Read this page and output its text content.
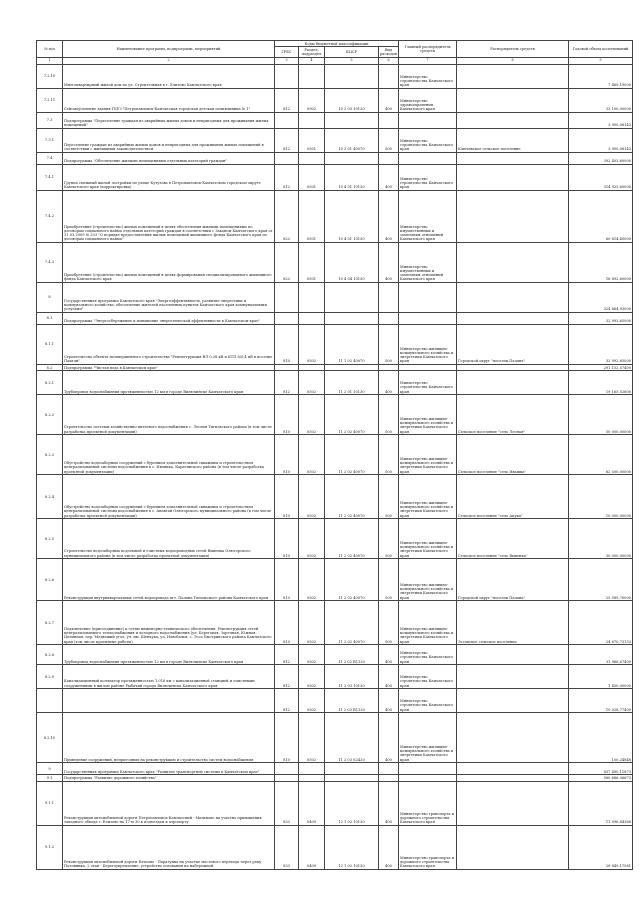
№ п/п	Наименование программ, подпрограмм, мероприятий	Коды бюджетной классификации				Главный распорядитель средств	Распорядитель средств	Годовой объем ассигнований
		ГРБС	Раздел, подраздел	КЦСР	Вид расходов			
1	2	3	4	5	6	7	8	9
7.2.10	Многоквартирный жилой дом по ул. Строительная в г. Елизово Камчатского края					Министерство строительства Камчатского края		7 469,19000
7.2.11	Сейсмоусиление здания ГБУЗ "Петропавловск-Камчатская городская детская поликлиника № 1"	812	0902	10 2 03 10120	400	Министерство здравоохранения Камчатского края		33 100,00000
7.3	Подпрограмма "Переселение граждан из аварийных жилых домов и непригодных для проживания жилых помещений"							3 900,06143
7.3.1	Переселение граждан из аварийных жилых домов и непригодных для проживания жилых помещений в соответствии с жилищным законодательством	812	0501	10 3 01 40070	500	Министерство строительства Камчатского края	Ключевское сельское поселение	3 900,06143
7.4	Подпрограмма "Обеспечение жилыми помещениями отдельных категорий граждан"							392 402,60000
7.4.1	Группа смежный жилой застройки по улице Кутузова в Петропавловск-Камчатском городском округе Камчатского края (корректировка)	812	0501	10 4 01 10130	400	Министерство строительства Камчатского края		314 925,60000
7.4.2	Приобретение (строительство) жилых помещений в целях обеспечения жилыми помещениями по договорам социального найма отдельных категорий граждан в соответствии с Законом Камчатского края от 31.03.2009 № 253 "О порядке предоставления жилых помещений жилищного фонда Камчатского края по договорам социального найма"	822	0501	10 4 01 10130	400	Министерство имущественных и земельных отношений Камчатского края		60 614,40000
7.4.3	Приобретение (строительство) жилых помещений в целях формирования специализированного жилищного фонда Камчатского края	822	0501	10 4 04 10130	400	Министерство имущественных и земельных отношений Камчатского края		16 892,60000
8	Государственная программа Камчатского края "Энергоэффективность, развитие энергетики и коммунального хозяйства, обеспечение жителей населенных пунктов Камчатского края коммунальными услугами"							324 864,93000
8.1	Подпрограмма "Энергосбережение и повышение энергетической эффективности в Камчатском крае"							32 992,65000
8.1.1	Строительство объекта незавершенного строительства "Реконструкция ВЛ 0,38 кВ и КТП 6/0,4 кВ в поселке Пахачи"	810	0502	11 1 02 40070	500	Министерство жилищно-коммунального хозяйства и энергетики Камчатского края	Городской округ "поселок Палана"	32 992,65000
8.2	Подпрограмма "Чистая вода в Камчатском крае"							291 152,57400
8.2.1	Трубопровод водоснабжения протяженностью 12 км в городе Вилючинске Камчатского края	812	0502	11 2 01 10130	400	Министерство строительства Камчатского края		19 165,52600
8.2.2	Строительство системы хозяйственно-питьевого водоснабжения с. Лесная Тигильского района (в том числе разработка проектной документации)	810	0502	11 2 02 40070	500	Министерство жилищно-коммунального хозяйства и энергетики Камчатского края	Сельское поселение "село Лесная"	50 000,00000
8.2.3	Обустройство водозаборных сооружений с бурением дополнительной скважины и строительством централизованной системы водоснабжения в с. Иваника, Карагинского района (в том числе разработка проектной документации)	810	0502	11 2 02 40070	500	Министерство жилищно-коммунального хозяйства и энергетики Камчатского края	Сельское поселение "село Ивашка"	62 500,00000
8.2.4	Обустройство водозаборных сооружений с бурением дополнительной скважины и строительством централизованной системы водоснабжения в с. Анавгай Олюторского муниципального района (в том числе разработка проектной документации)	810	0502	11 2 02 40070	500	Министерство жилищно-коммунального хозяйства и энергетики Камчатского края	Сельское поселение "село Апука"	10 000,00000
8.2.5	Строительство водозаборных подземной и очистных водопроводных сетей Вывенка Олюторского муниципального района (в том числе разработка проектной документации)	810	0502	11 2 02 40070	500	Министерство жилищно-коммунального хозяйства и энергетики Камчатского края	Сельское поселение "село Вывенка"	30 000,00000
8.2.6	Реконструкция внутриквартальных сетей водопровода пгт. Палана Тигильского района Камчатского края	810	0502	11 2 02 40070	500	Министерство жилищно-коммунального хозяйства и энергетики Камчатского края	Городской округ "поселок Палана"	25 589,70000
8.2.7	Подключение (присоединение) к сетям инженерно-технического обеспечения. Реконструкция сетей централизованного теплоснабжения и холодного водоснабжения (ул. Береговая, Заречная, Южная, Целинная, пер. Медвежий угол, ул. им. Шевчука, ул. Новобачья, с. Эссо Быстринского района Камчатского края (том числе проектные работы)	810	0502	11 2 02 40070	500	Министерство жилищно-коммунального хозяйства и энергетики Камчатского края	Эссовское сельское поселение	24 670,73153
8.2.8	Трубопровод водоснабжения протяженностью 12 км в городе Вилючинске Камчатского края	812	0502	11 2 02 R1130	400	Министерство строительства Камчатского края		31 966,67400
8.2.9	Канализационный коллектор протяженностью 1,016 км с канализационной станцией и очистными сооружениями в жилом районе Рыбачий города Вилючинска Камчатского края	812	0502	11 2 03 10130	400	Министерство строительства Камчатского края		1 450,00000
		812	0502	11 2 03 R1130	400	Министерство строительства Камчатского края		10 028,77400
8.2.10	Приведение сооружений, непригодных на реконструкцию и строительство систем водоснабжения	810	0502	11 2 03 S2420	400	Министерство жилищно-коммунального хозяйства и энергетики Камчатского края		100,24848
9	Государственная программа Камчатского края "Развитие транспортной системы в Камчатском крае"							837 490,11873
9.1	Подпрограмма "Развитие дорожного хозяйства"							560 686,36673
9.1.1	Реконструкция автомобильной дороги Петропавловск-Камчатский - Мильково на участке примыкания западного обхода г. Елизово на 17-м 30 к подъездам к аэропорту	833	0409	12 1 02 10130	400	Министерство транспорта и дорожного строительства Камчатского края		11 096,84366
9.1.2	Реконструкция автомобильной дороги Елизово - Паратунка на участке мостового перехода через реку Половинка. 2 этап - Берегоукрепление, устройство основания на набережной	833	0409	12 1 02 10130	400	Министерство транспорта и дорожного строительства Камчатского края		28 849,17561
